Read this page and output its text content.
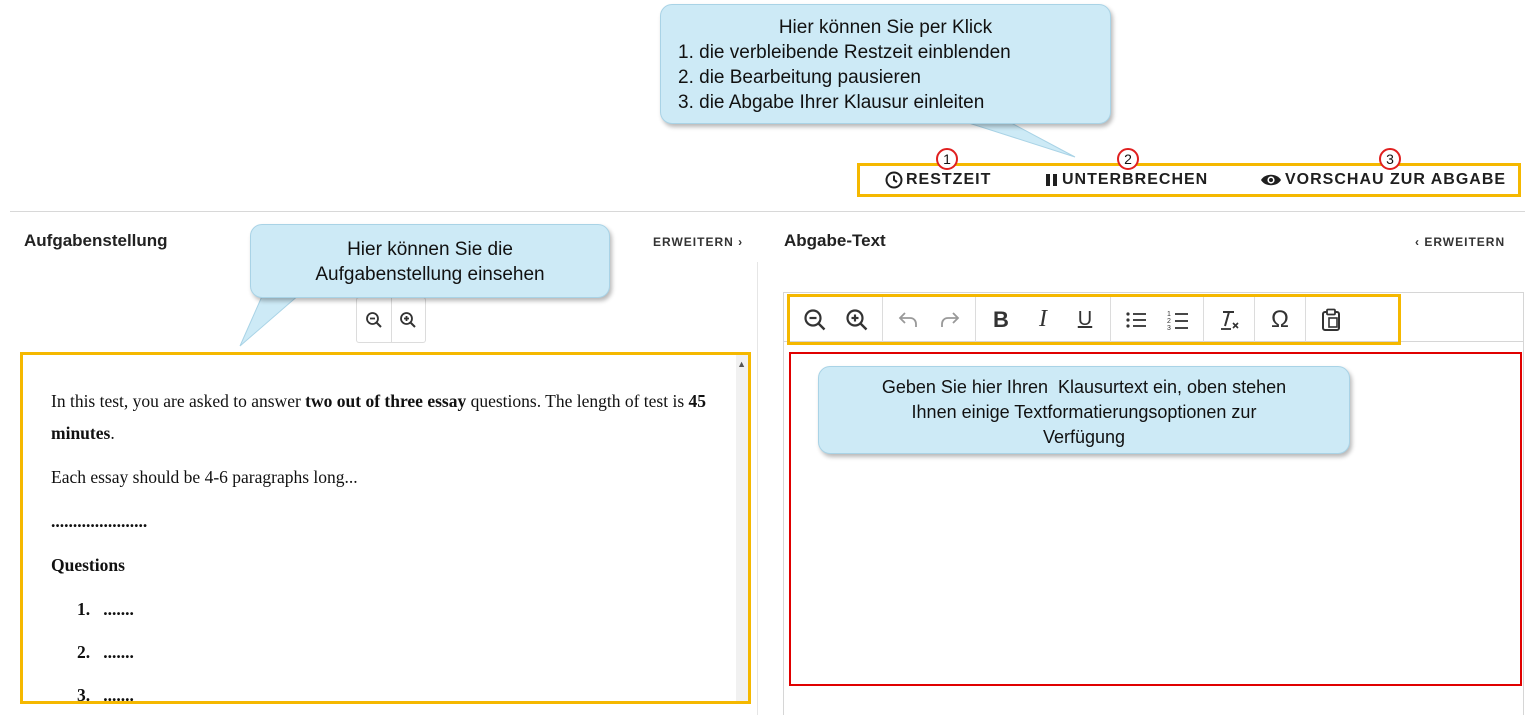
Hier können Sie per Klick
1. die verbleibende Restzeit einblenden
2. die Bearbeitung pausieren
3. die Abgabe Ihrer Klausur einleiten
RESTZEIT	UNTERBRECHEN	VORSCHAU ZUR ABGABE
1	2	3
Aufgabenstellung	ERWEITERN ›
Hier können Sie die
Aufgabenstellung einsehen

In this test, you are asked to answer two out of three essay questions. The length of test is 45 minutes.

Each essay should be 4-6 paragraphs long...

......................

Questions

1. .......
2. .......
3. .......
▲
Abgabe-Text	‹ ERWEITERN
B I U	1
2
3	Ω
Geben Sie hier Ihren  Klausurtext ein, oben stehen
Ihnen einige Textformatierungsoptionen zur
Verfügung
